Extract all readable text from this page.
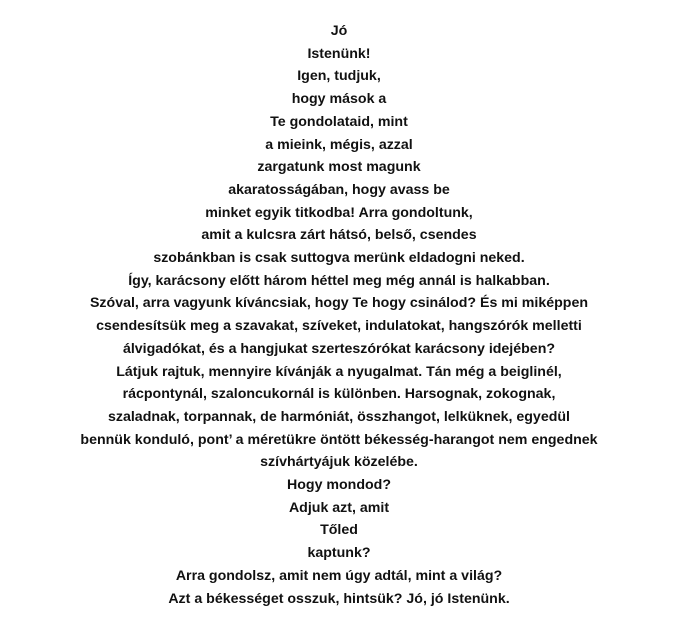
Jó
Istenünk!
Igen, tudjuk,
hogy mások a
Te gondolataid, mint
a mieink, mégis, azzal
zargatunk most magunk
akaratosságában, hogy avass be
minket egyik titkodba! Arra gondoltunk,
amit a kulcsra zárt hátsó, belső, csendes
szobánkban is csak suttogva merünk eldadogni neked.
Így, karácsony előtt három héttel meg még annál is halkabban.
Szóval, arra vagyunk kíváncsiak, hogy Te hogy csinálod? És mi miképpen
csendesítsük meg a szavakat, szíveket, indulatokat, hangszórók melletti
álvigadókat, és a hangjukat szerteszórókat karácsony idejében?
Látjuk rajtuk, mennyire kívánják a nyugalmat. Tán még a beiglinél,
rácpontynál, szaloncukornál is különben. Harsognak, zokognak,
szaladnak, torpannak, de harmóniát, összhangot, lelküknek, egyedül
bennük konduló, pont’ a méretükre öntött békesség-harangot nem engednek
szívhártyájuk közelébe.
Hogy mondod?
Adjuk azt, amit
Tőled
kaptunk?
Arra gondolsz, amit nem úgy adtál, mint a világ?
Azt a békességet osszuk, hintsük? Jó, jó Istenünk.
